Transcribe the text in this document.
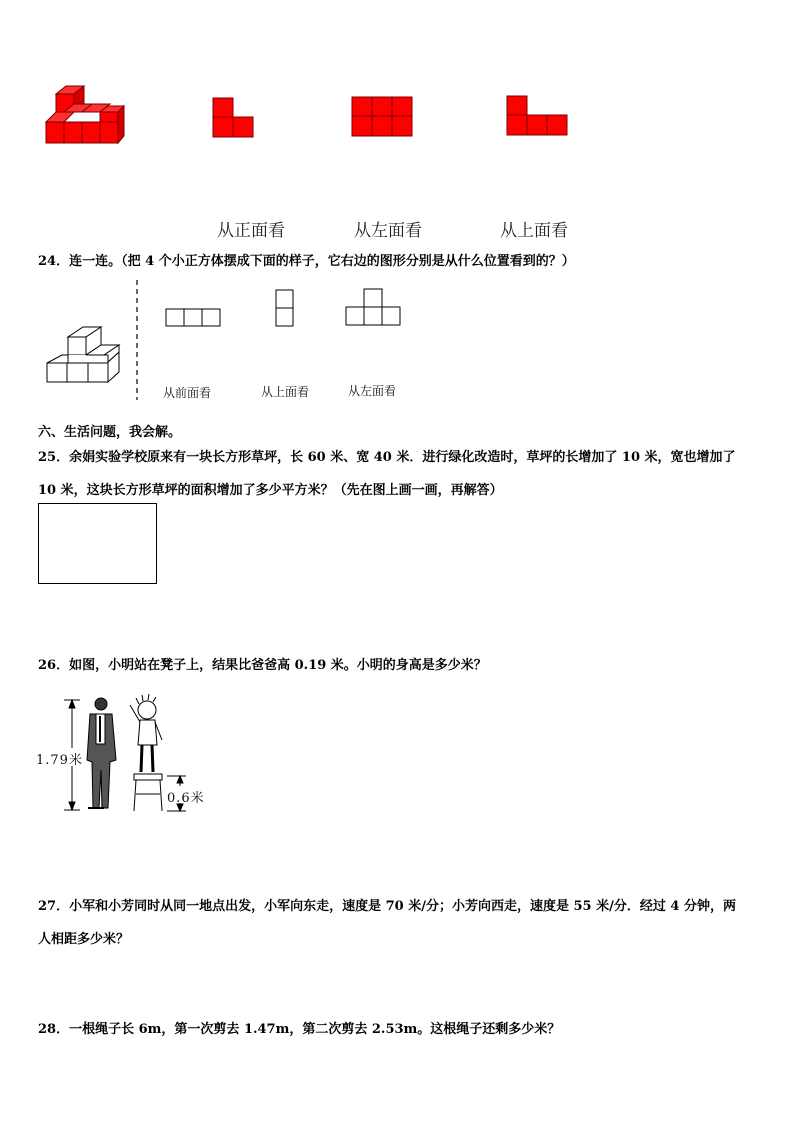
从正面看	从左面看	从上面看
24．连一连。（把 4 个小正方体摆成下面的样子，它右边的图形分别是从什么位置看到的？）
从前面看	从上面看	从左面看
六、生活问题，我会解。
25．余娟实验学校原来有一块长方形草坪，长 60 米、宽 40 米．进行绿化改造时，草坪的长增加了 10 米，宽也增加了
10 米，这块长方形草坪的面积增加了多少平方米？（先在图上画一画，再解答）
26．如图，小明站在凳子上，结果比爸爸高 0.19 米。小明的身高是多少米？
1.79米
0.6米
27．小军和小芳同时从同一地点出发，小军向东走，速度是 70 米/分；小芳向西走，速度是 55 米/分．经过 4 分钟，两
人相距多少米？
28．一根绳子长 6m，第一次剪去 1.47m，第二次剪去 2.53m。这根绳子还剩多少米？
